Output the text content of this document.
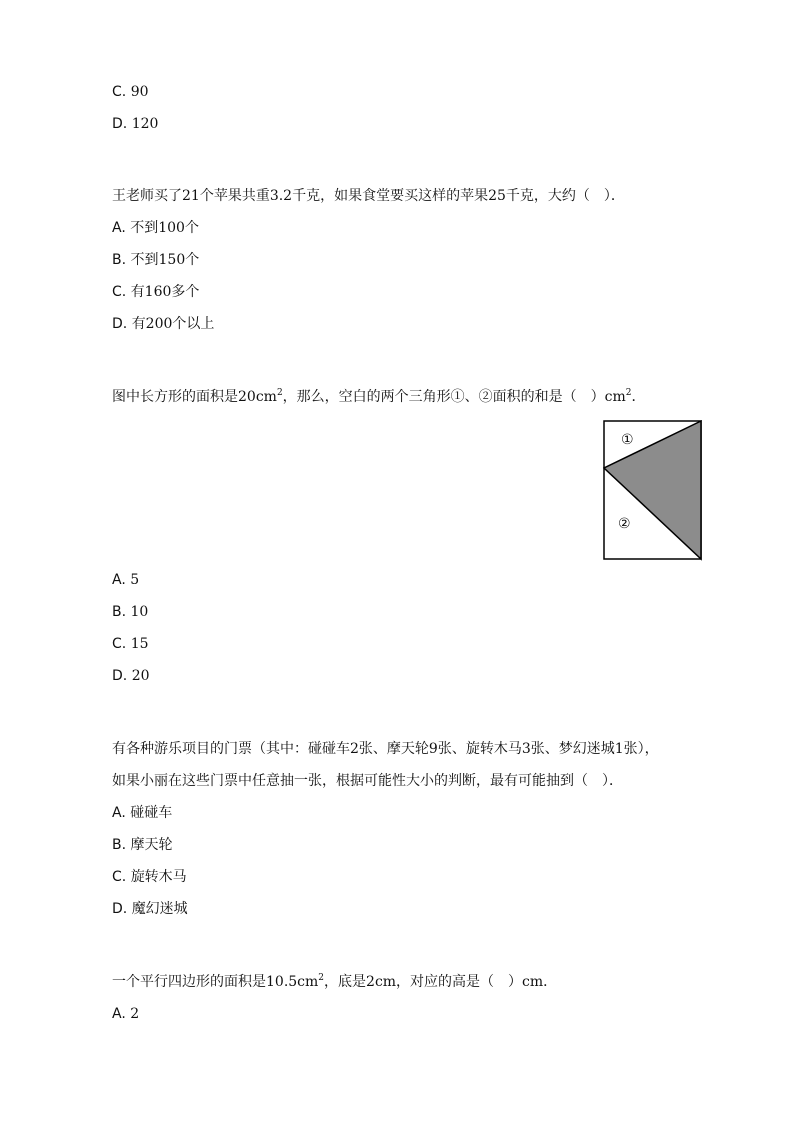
C. 90
D. 120
王老师买了21个苹果共重3.2千克，如果食堂要买这样的苹果25千克，大约（　）．
A. 不到100个
B. 不到150个
C. 有160多个
D. 有200个以上
图中长方形的面积是$20cm^2$，那么，空白的两个三角形①、②面积的和是（　）$cm^2$．
①
②
A. 5
B. 10
C. 15
D. 20
有各种游乐项目的门票（其中：碰碰车2张、摩天轮9张、旋转木马3张、梦幻迷城1张），
如果小丽在这些门票中任意抽一张，根据可能性大小的判断，最有可能抽到（　）．
A. 碰碰车
B. 摩天轮
C. 旋转木马
D. 魔幻迷城
一个平行四边形的面积是$10.5cm^2$，底是2cm，对应的高是（　）cm．
A. 2
